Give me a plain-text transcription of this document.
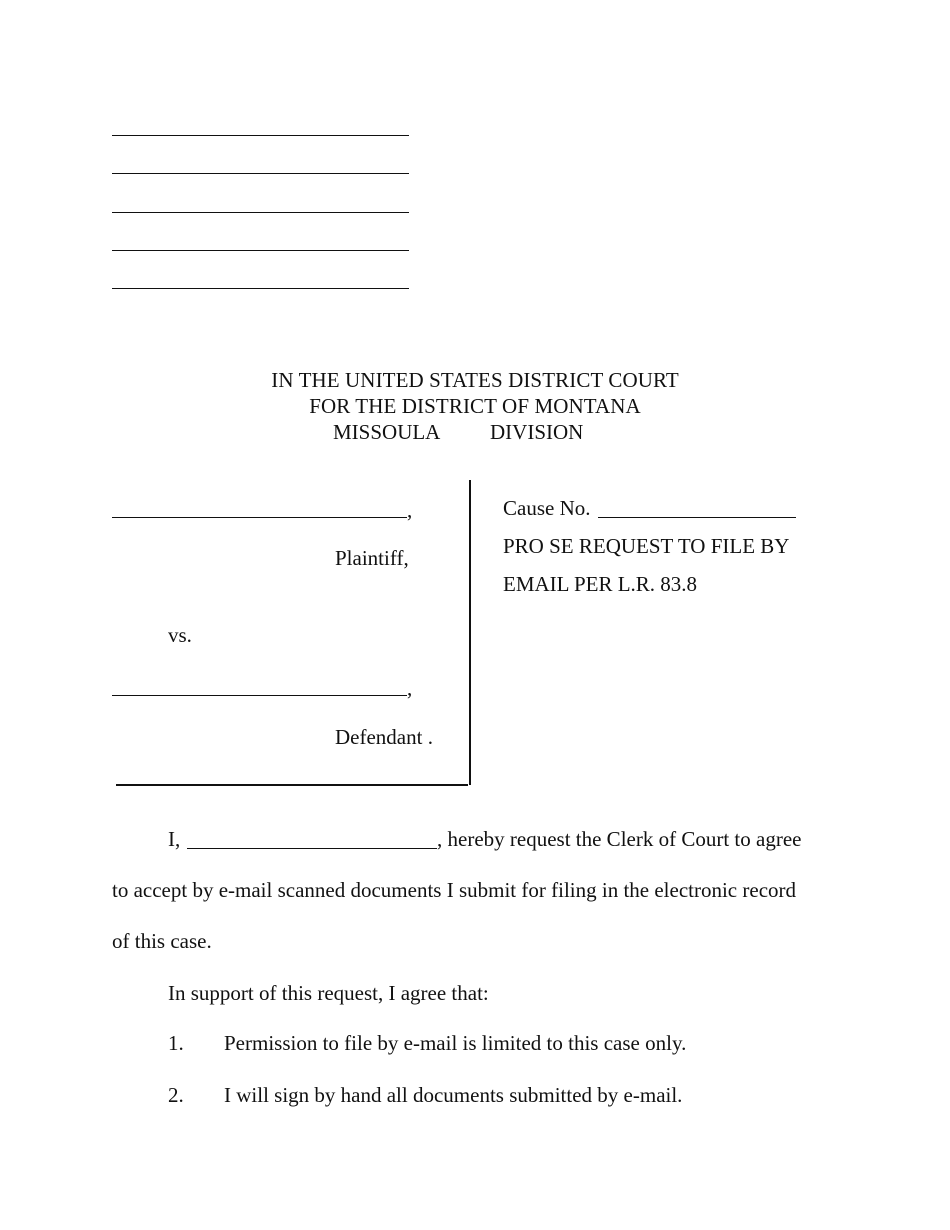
IN THE UNITED STATES DISTRICT COURT
FOR THE DISTRICT OF MONTANA
MISSOULA DIVISION
,
Plaintiff,
vs.
,
Defendant .
Cause No.
PRO SE REQUEST TO FILE BY
EMAIL PER L.R. 83.8
I,	, hereby request the Clerk of Court to agree
to accept by e-mail scanned documents I submit for filing in the electronic record
of this case.
In support of this request, I agree that:
1. Permission to file by e-mail is limited to this case only.
2. I will sign by hand all documents submitted by e-mail.
